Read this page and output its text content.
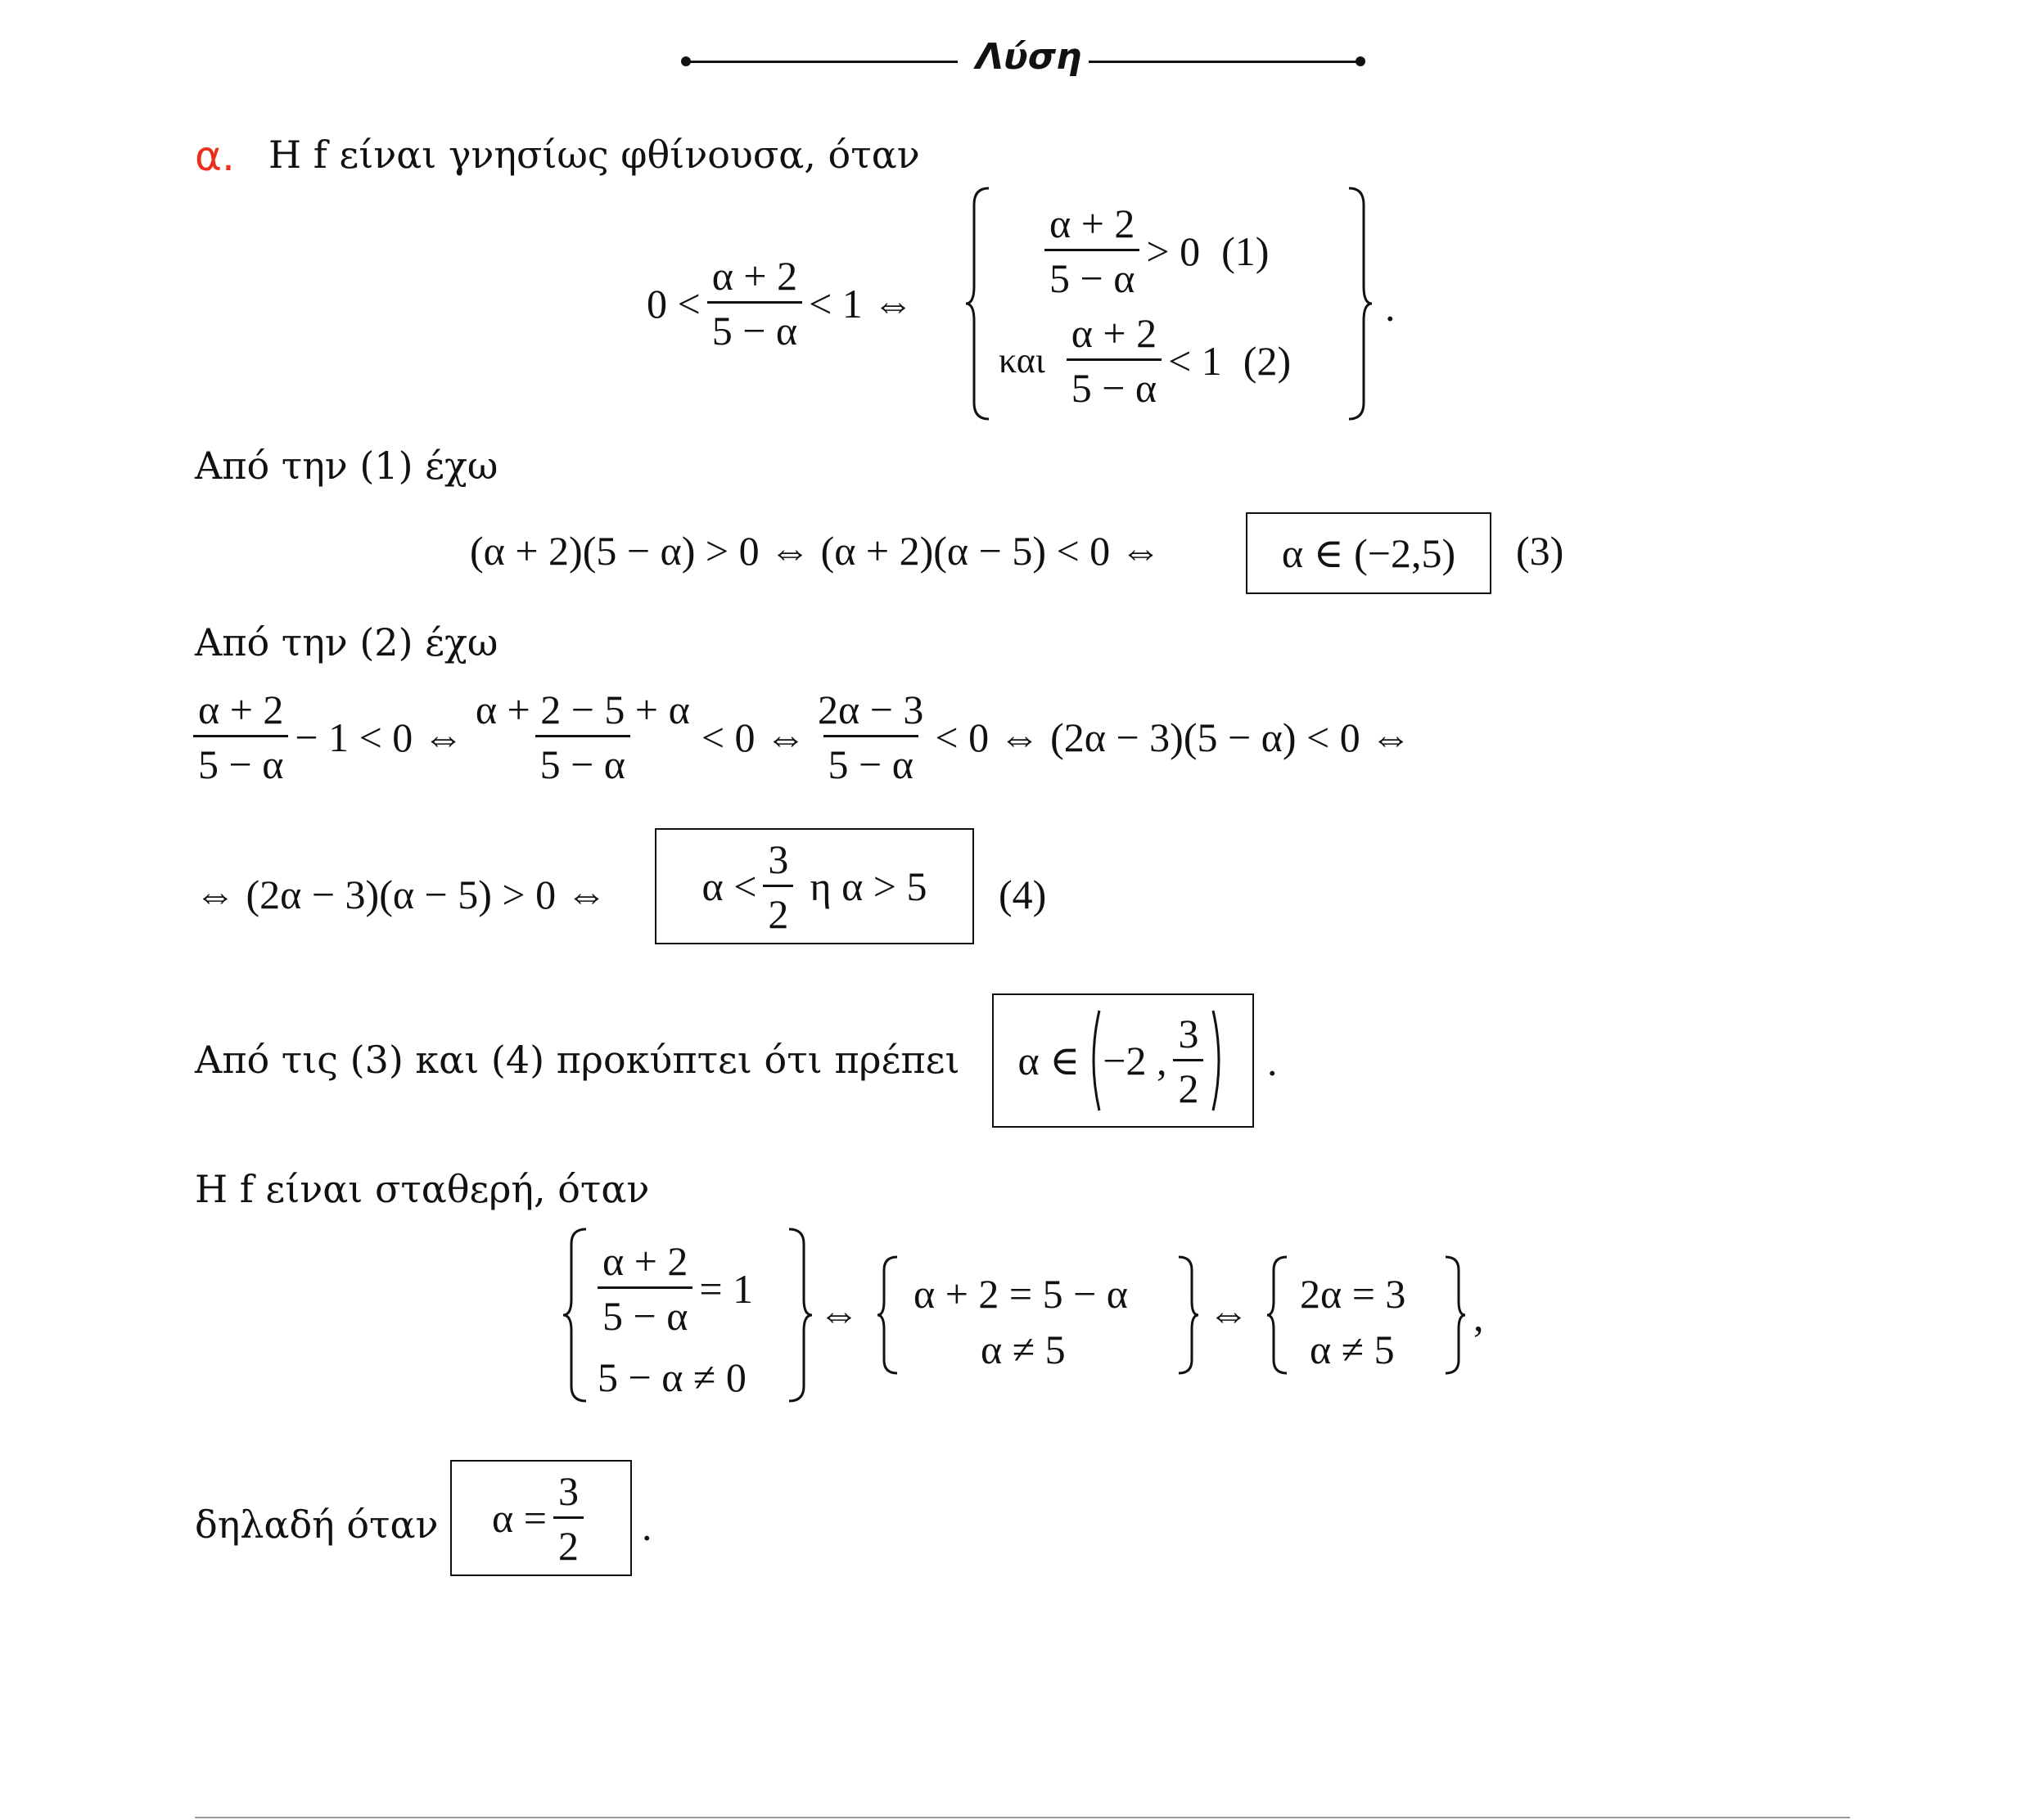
Λύση
α. Η f είναι γνησίως φθίνουσα, όταν
$0 < \frac{\alpha + 2}{5 - \alpha} < 1$ ⇔
$\frac{\alpha + 2}{5 - \alpha} > 0$ (1)
και $\frac{\alpha + 2}{5 - \alpha} < 1$ (2)
.
Από την (1) έχω
(α + 2)(5 − α) > 0 ⇔ (α + 2)(α − 5) < 0 ⇔	α ∈ (−2,5) (3)
Από την (2) έχω
$\frac{\alpha + 2}{5 - \alpha} - 1 < 0$ ⇔ $\frac{\alpha + 2 - 5 + \alpha}{5 - \alpha} < 0$ ⇔ $\frac{2\alpha - 3}{5 - \alpha} < 0$ ⇔ (2α − 3)(5 − α) < 0 ⇔
⇔ (2α − 3)(α − 5) > 0 ⇔ $\alpha < \frac{3}{2}$ η α > 5 (4)
Από τις (3) και (4) προκύπτει ότι πρέπει α ∈ −2 , $\frac{3}{2}$ .
Η f είναι σταθερή, όταν
$\frac{\alpha + 2}{5 - \alpha} = 1$
5 − α ≠ 0
⇔ α + 2 = 5 − α
α ≠ 5
⇔ 2α = 3
α ≠ 5
,
δηλαδή όταν $\alpha = \frac{3}{2}$ .
